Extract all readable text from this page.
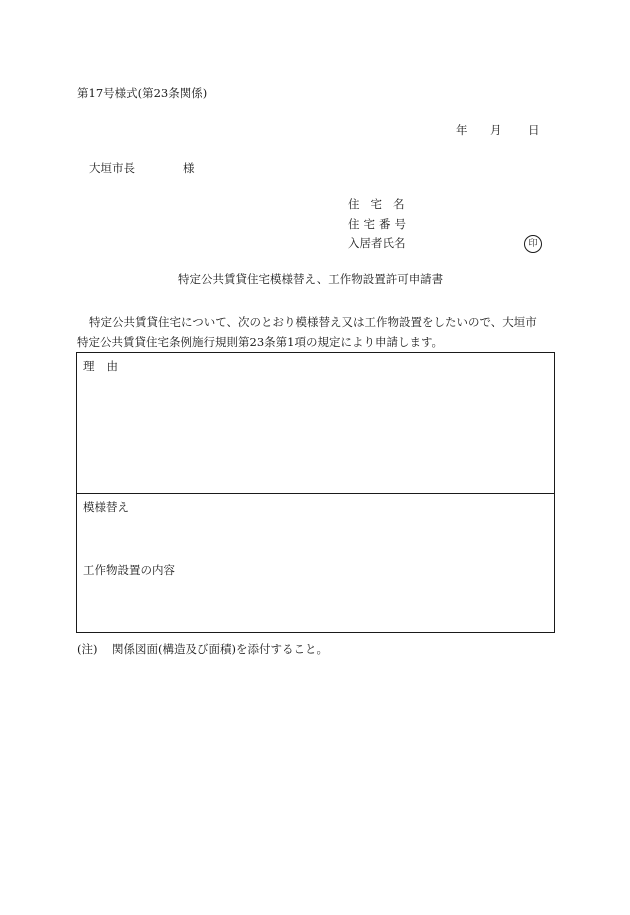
第17号様式(第23条関係)
年 月 日
大垣市長	様
住宅名
住宅番号
入居者氏名	印
特定公共賃貸住宅模様替え、工作物設置許可申請書
特定公共賃貸住宅について、次のとおり模様替え又は工作物設置をしたいので、大垣市
特定公共賃貸住宅条例施行規則第23条第1項の規定により申請します。
理由
模様替え
工作物設置の内容
(注) 関係図面(構造及び面積)を添付すること。
